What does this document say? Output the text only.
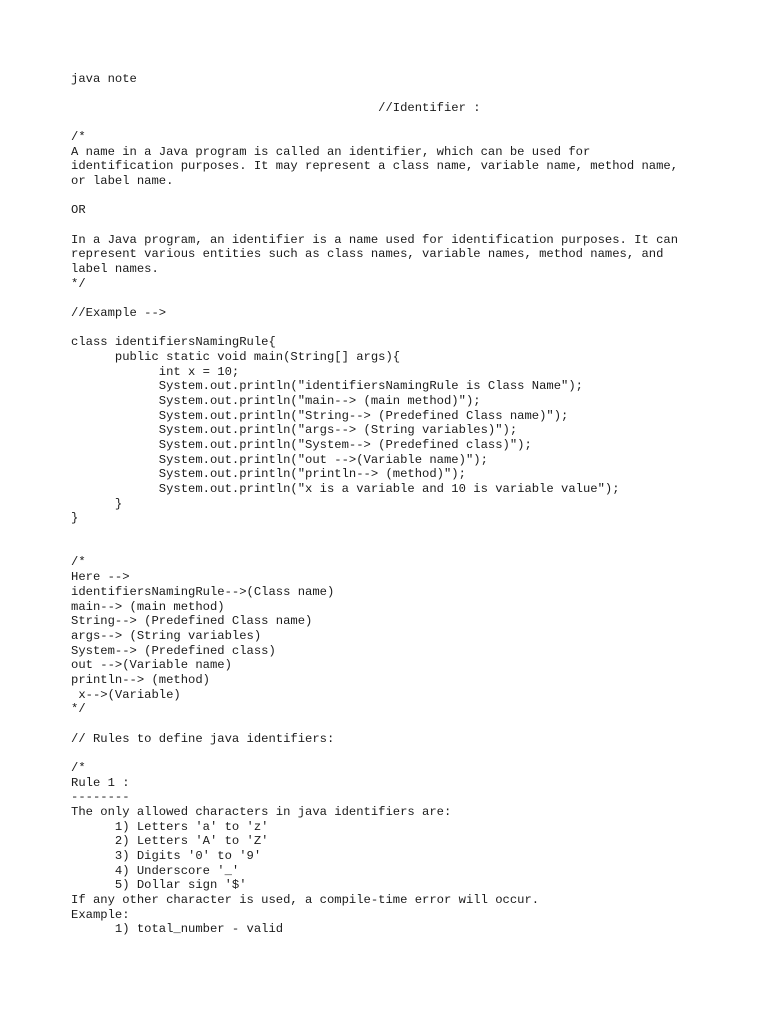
java note
//Identifier :
/*
A name in a Java program is called an identifier, which can be used for
identification purposes. It may represent a class name, variable name, method name,
or label name.
OR
In a Java program, an identifier is a name used for identification purposes. It can
represent various entities such as class names, variable names, method names, and
label names.
*/
//Example -->
class identifiersNamingRule{
public static void main(String[] args){
int x = 10;
System.out.println("identifiersNamingRule is Class Name");
System.out.println("main--> (main method)");
System.out.println("String--> (Predefined Class name)");
System.out.println("args--> (String variables)");
System.out.println("System--> (Predefined class)");
System.out.println("out -->(Variable name)");
System.out.println("println--> (method)");
System.out.println("x is a variable and 10 is variable value");
}
}
/*
Here -->
identifiersNamingRule-->(Class name)
main--> (main method)
String--> (Predefined Class name)
args--> (String variables)
System--> (Predefined class)
out -->(Variable name)
println--> (method)
x-->(Variable)
*/
// Rules to define java identifiers:
/*
Rule 1 :
--------
The only allowed characters in java identifiers are:
1) Letters 'a' to 'z'
2) Letters 'A' to 'Z'
3) Digits '0' to '9'
4) Underscore '_'
5) Dollar sign '$'
If any other character is used, a compile-time error will occur.
Example:
1) total_number - valid
